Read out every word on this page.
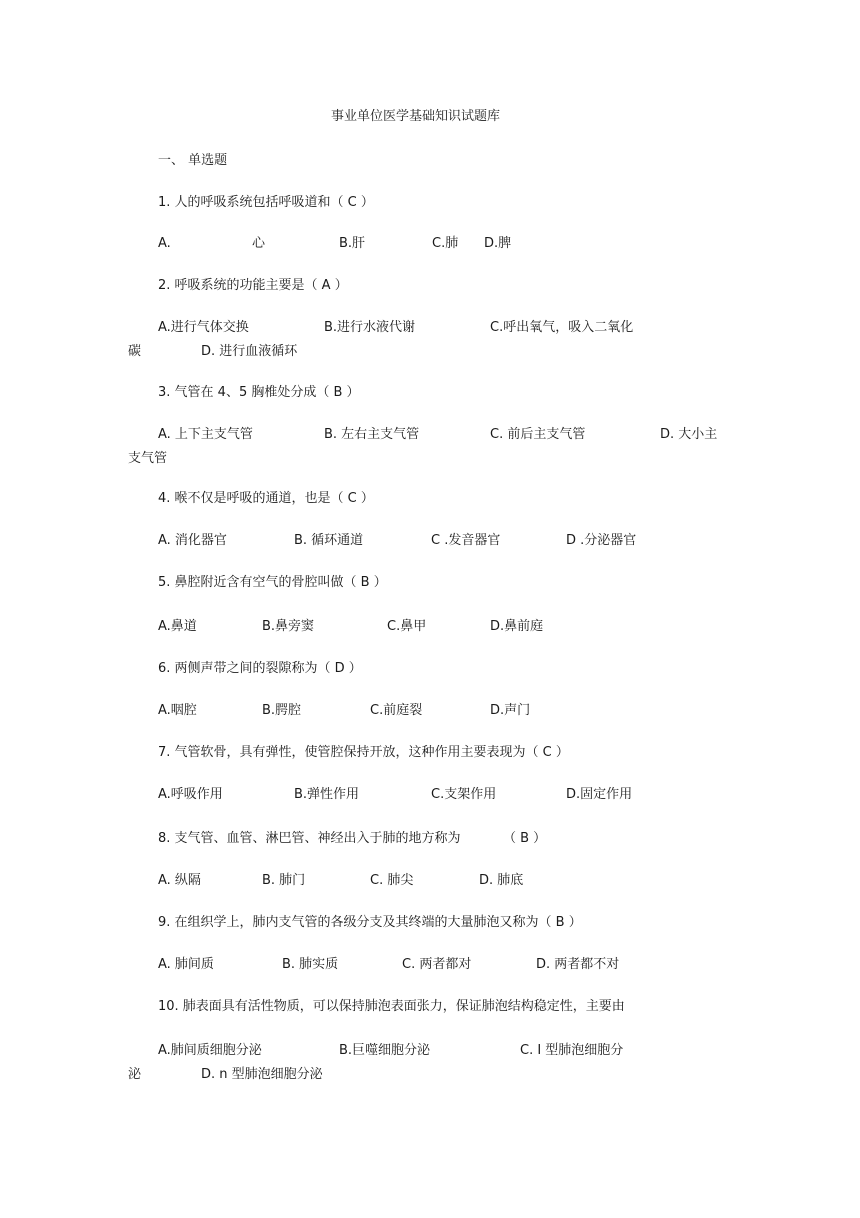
事业单位医学基础知识试题库
一、 单选题
1. 人的呼吸系统包括呼吸道和（ C ）
A.	心	B.肝	C.肺 D.脾
2. 呼吸系统的功能主要是（ A ）
A.进行气体交换	B.进行水液代谢	C.呼出氧气，吸入二氧化
碳	D. 进行血液循环
3. 气管在 4、5 胸椎处分成（ B ）
A. 上下主支气管	B. 左右主支气管	C. 前后主支气管	D. 大小主
支气管
4. 喉不仅是呼吸的通道，也是（ C ）
A. 消化器官	B. 循环通道	C .发音器官	D .分泌器官
5. 鼻腔附近含有空气的骨腔叫做（ B ）
A.鼻道	B.鼻旁窦	C.鼻甲	D.鼻前庭
6. 两侧声带之间的裂隙称为（ D ）
A.咽腔	B.腭腔	C.前庭裂	D.声门
7. 气管软骨，具有弹性，使管腔保持开放，这种作用主要表现为（ C ）
A.呼吸作用	B.弹性作用	C.支架作用	D.固定作用
8. 支气管、血管、淋巴管、神经出入于肺的地方称为	（ B ）
A. 纵隔	B. 肺门	C. 肺尖	D. 肺底
9. 在组织学上，肺内支气管的各级分支及其终端的大量肺泡又称为（ B ）
A. 肺间质	B. 肺实质	C. 两者都对	D. 两者都不对
10. 肺表面具有活性物质，可以保持肺泡表面张力，保证肺泡结构稳定性，主要由
A.肺间质细胞分泌	B.巨噬细胞分泌	C. I 型肺泡细胞分
泌	D. n 型肺泡细胞分泌
